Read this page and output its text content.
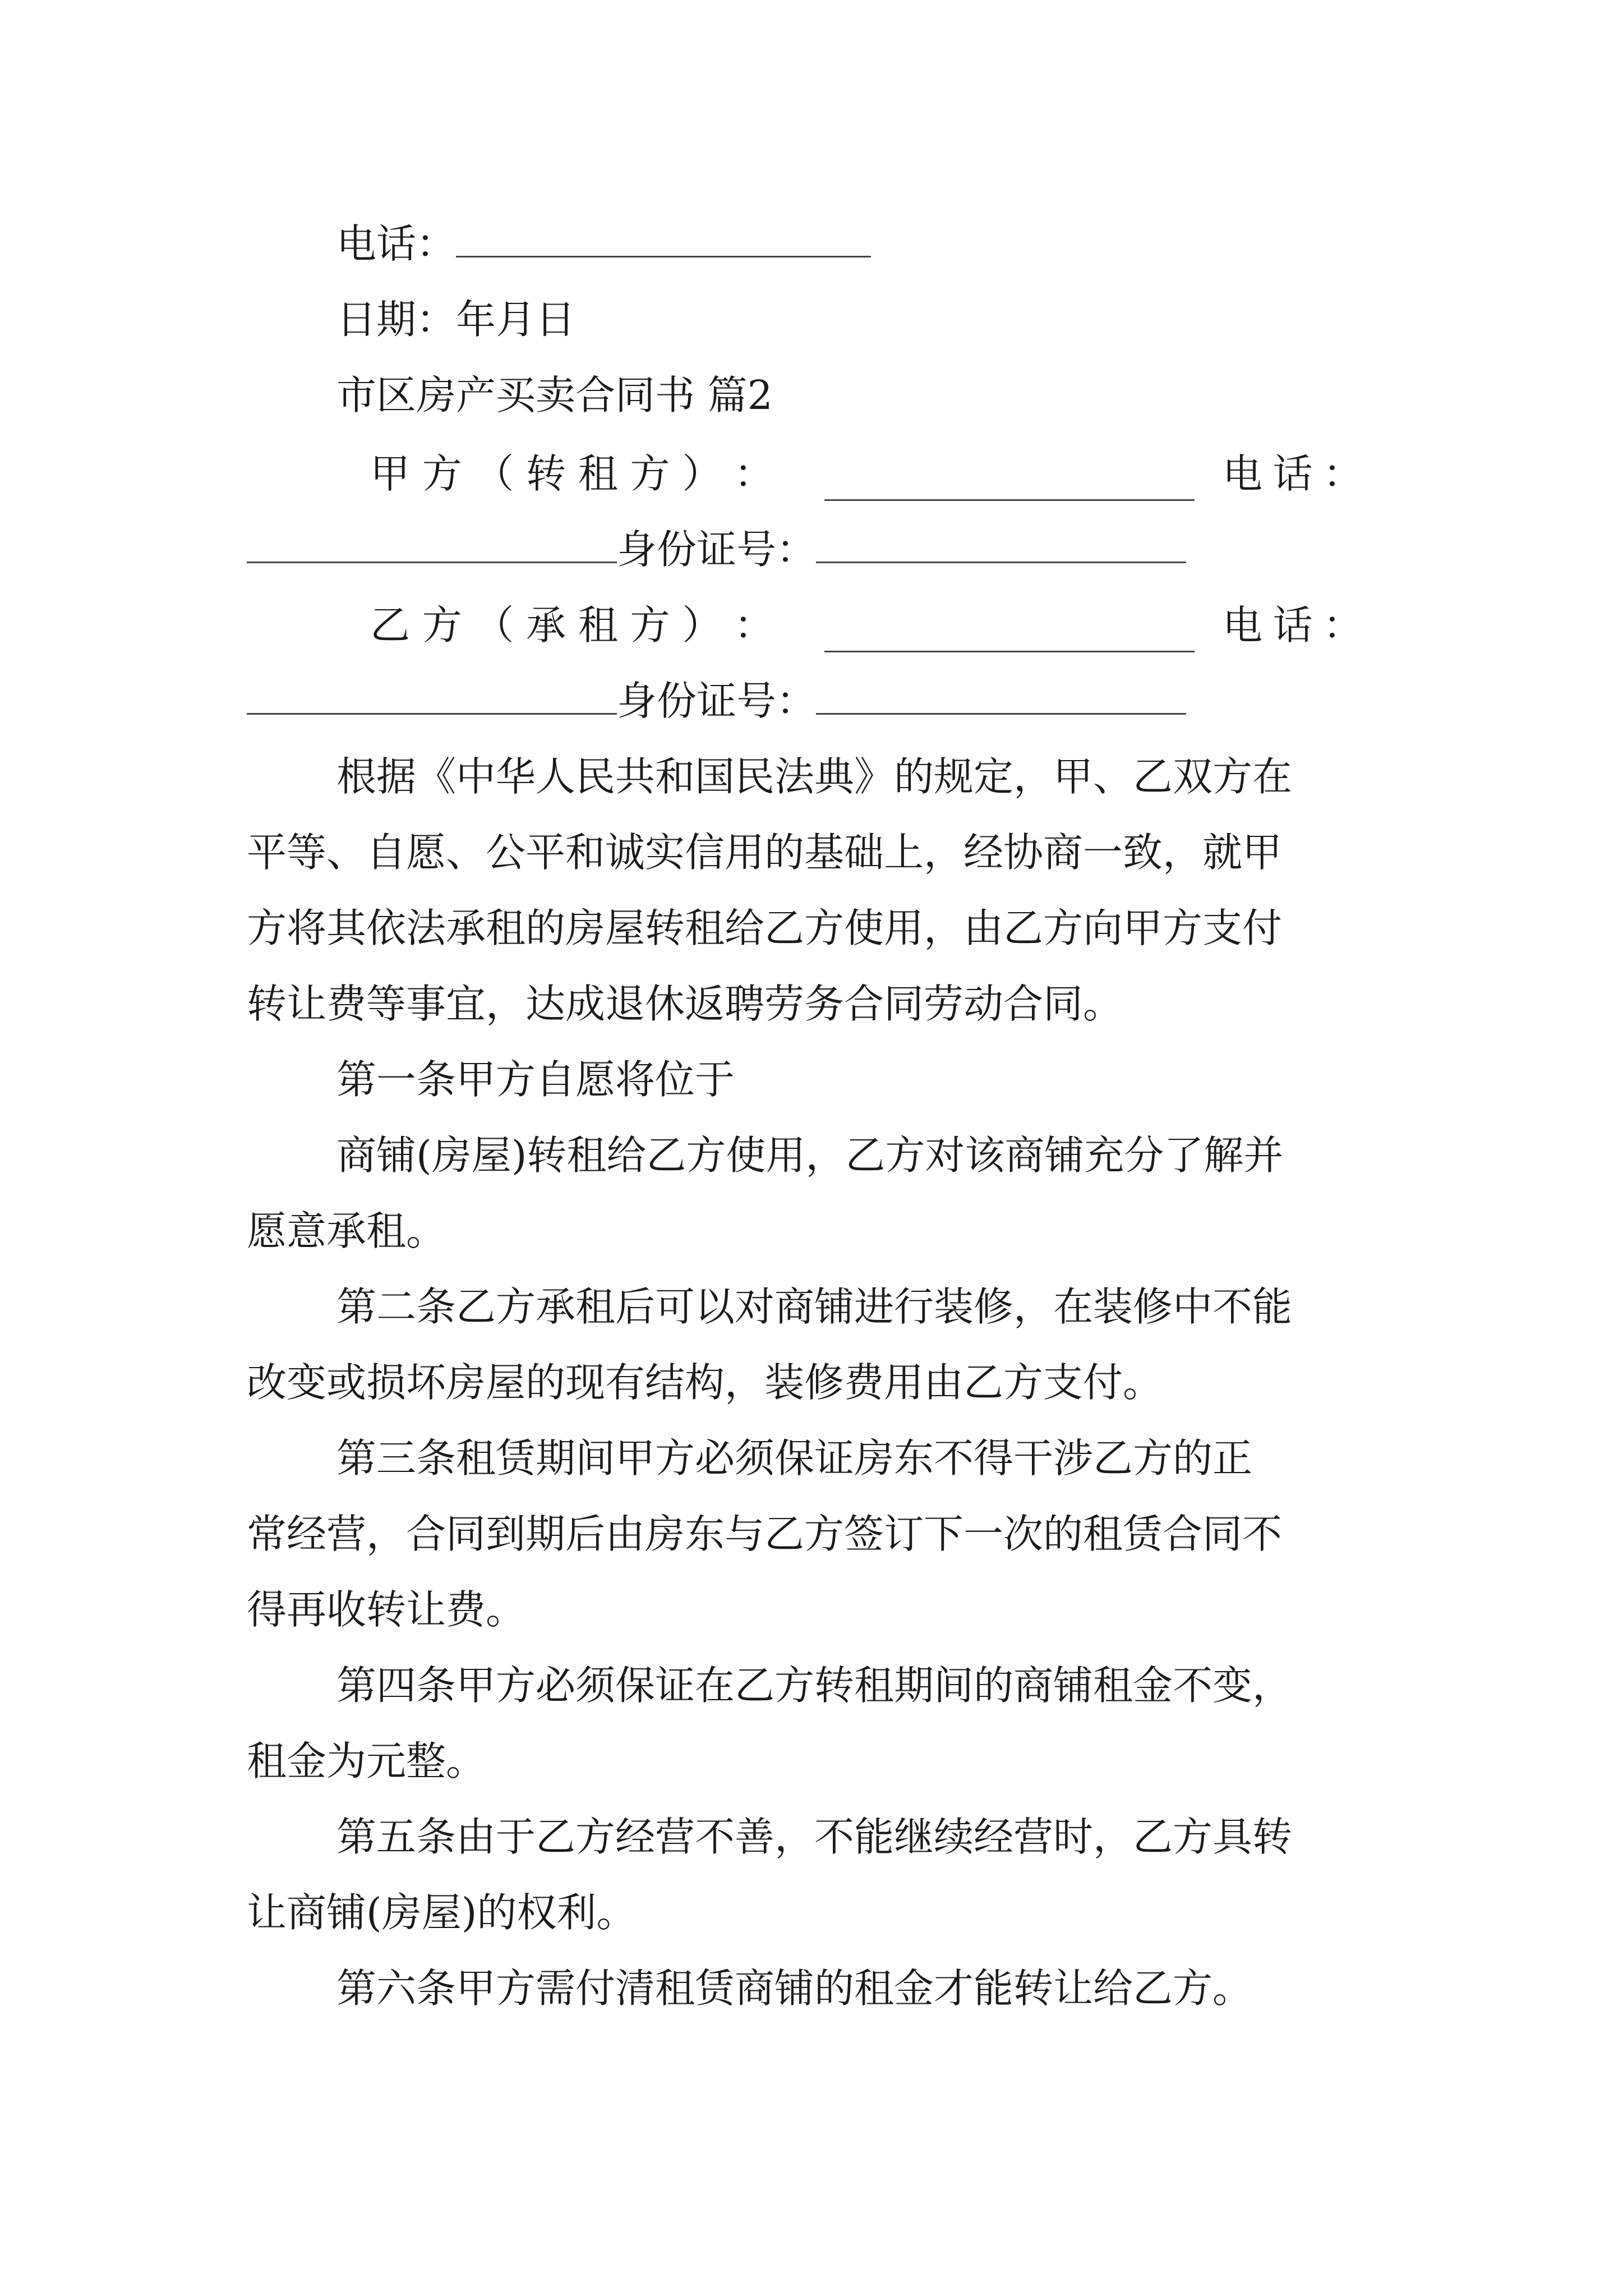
电话：
日期：年月日
市区房产买卖合同书 篇2
甲 方 （ 转 租 方 ） ：	电 话 ：
身份证号：
乙 方 （ 承 租 方 ） ：	电 话 ：
身份证号：
根据《中华人民共和国民法典》的规定，甲、乙双方在
平等、自愿、公平和诚实信用的基础上，经协商一致，就甲
方将其依法承租的房屋转租给乙方使用，由乙方向甲方支付
转让费等事宜，达成退休返聘劳务合同劳动合同。
第一条甲方自愿将位于
商铺(房屋)转租给乙方使用，乙方对该商铺充分了解并
愿意承租。
第二条乙方承租后可以对商铺进行装修，在装修中不能
改变或损坏房屋的现有结构，装修费用由乙方支付。
第三条租赁期间甲方必须保证房东不得干涉乙方的正
常经营，合同到期后由房东与乙方签订下一次的租赁合同不
得再收转让费。
第四条甲方必须保证在乙方转租期间的商铺租金不变，
租金为元整。
第五条由于乙方经营不善，不能继续经营时，乙方具转
让商铺(房屋)的权利。
第六条甲方需付清租赁商铺的租金才能转让给乙方。
